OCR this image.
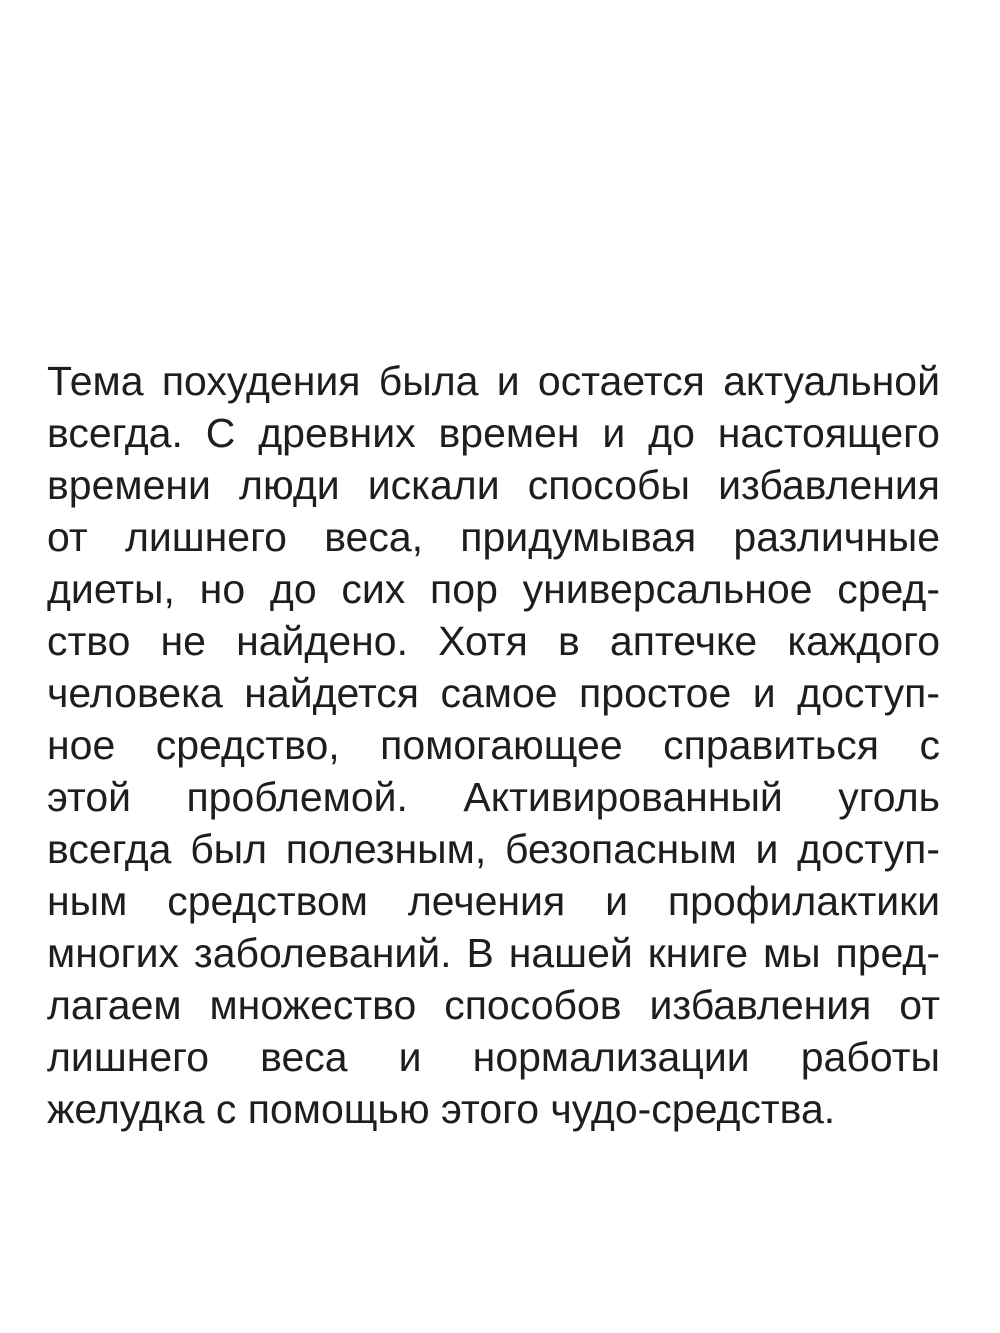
Тема похудения была и остается актуальной
всегда. С древних времен и до настоящего
времени люди искали способы избавления
от лишнего веса, придумывая различные
диеты, но до сих пор универсальное сред-
ство не найдено. Хотя в аптечке каждого
человека найдется самое простое и доступ-
ное средство, помогающее справиться с
этой проблемой. Активированный уголь
всегда был полезным, безопасным и доступ-
ным средством лечения и профилактики
многих заболеваний. В нашей книге мы пред-
лагаем множество способов избавления от
лишнего веса и нормализации работы
желудка с помощью этого чудо-средства.
